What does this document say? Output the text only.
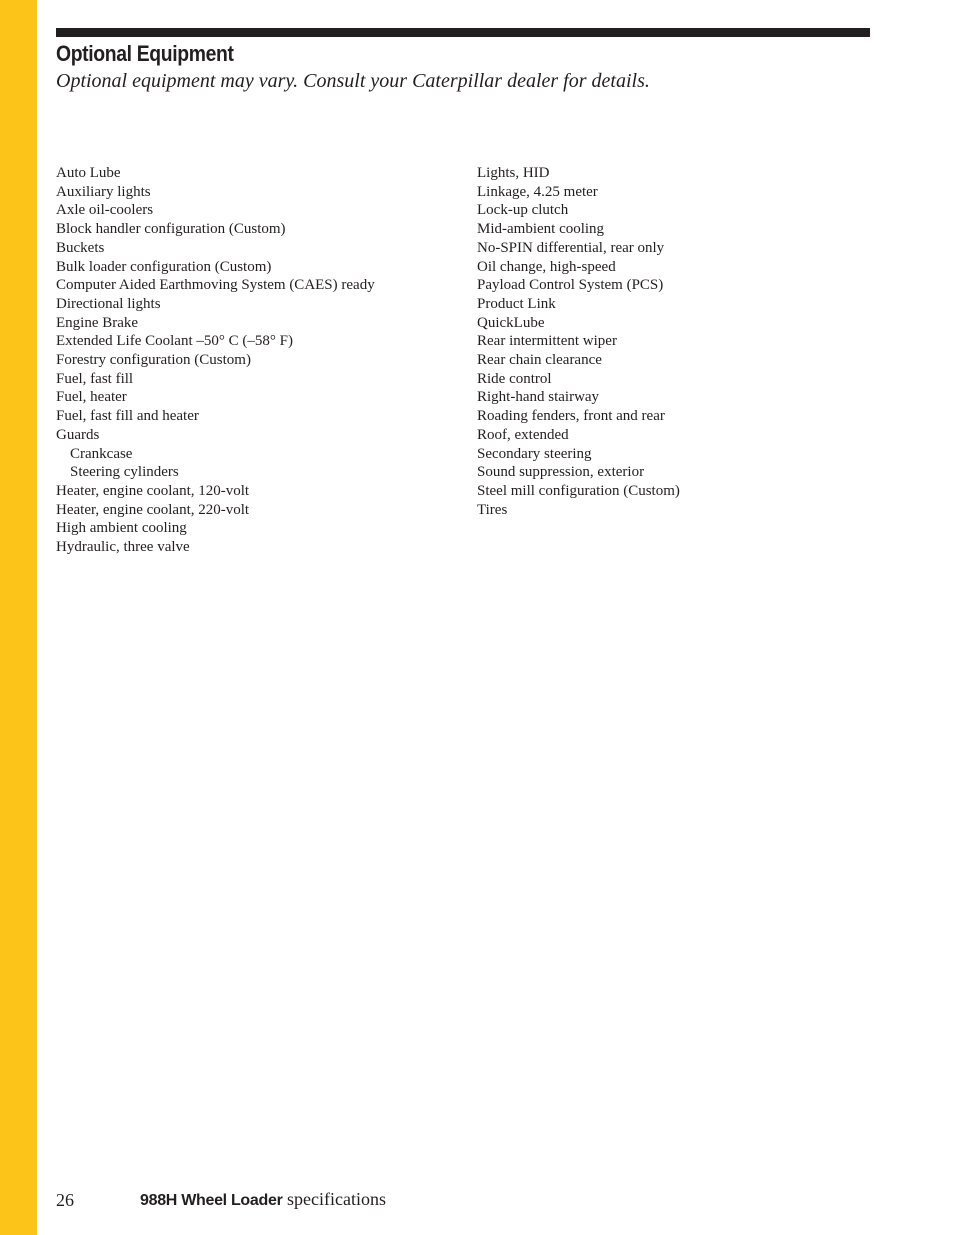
Optional Equipment

Optional equipment may vary. Consult your Caterpillar dealer for details.

Auto Lube
Auxiliary lights
Axle oil-coolers
Block handler configuration (Custom)
Buckets
Bulk loader configuration (Custom)
Computer Aided Earthmoving System (CAES) ready
Directional lights
Engine Brake
Extended Life Coolant –50° C (–58° F)
Forestry configuration (Custom)
Fuel, fast fill
Fuel, heater
Fuel, fast fill and heater
Guards
Crankcase
Steering cylinders
Heater, engine coolant, 120-volt
Heater, engine coolant, 220-volt
High ambient cooling
Hydraulic, three valve
Lights, HID
Linkage, 4.25 meter
Lock-up clutch
Mid-ambient cooling
No-SPIN differential, rear only
Oil change, high-speed
Payload Control System (PCS)
Product Link
QuickLube
Rear intermittent wiper
Rear chain clearance
Ride control
Right-hand stairway
Roading fenders, front and rear
Roof, extended
Secondary steering
Sound suppression, exterior
Steel mill configuration (Custom)
Tires
26	988H Wheel Loader specifications
